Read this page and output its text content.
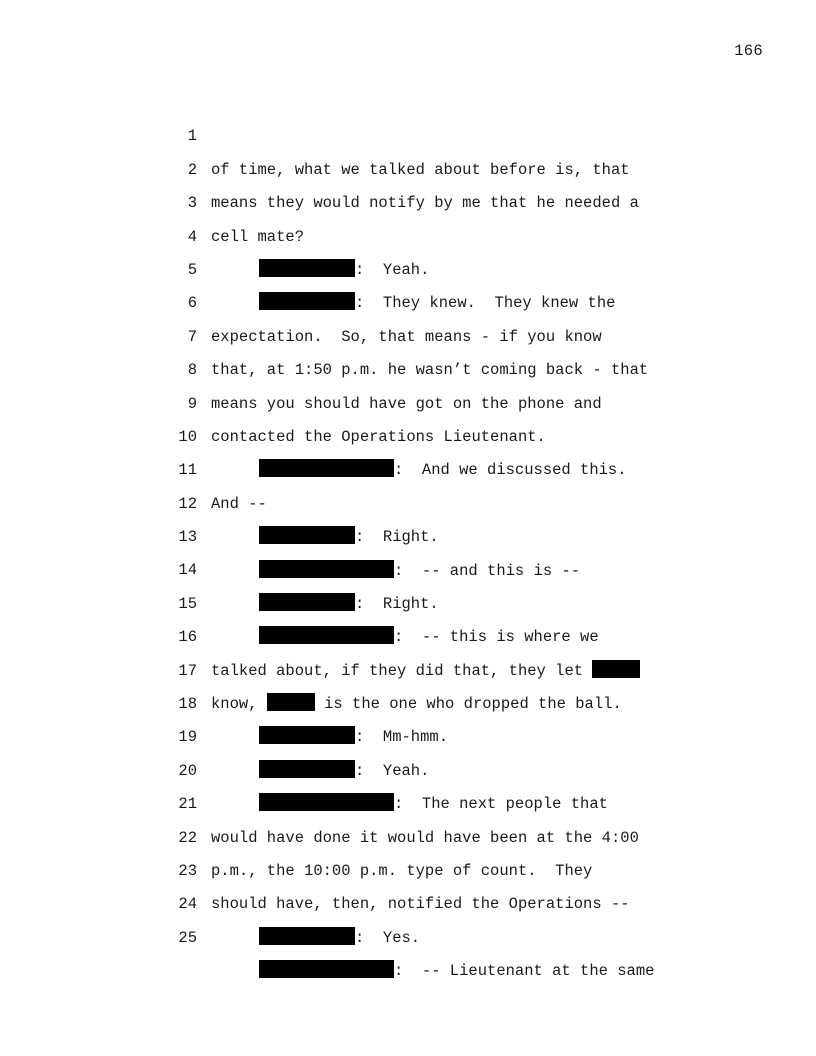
166

1

of time, what we talked about before is, that

2

means they would notify by me that he needed a

3

cell mate?

4

:  Yeah.

5

:  They knew.  They knew the

6

expectation.  So, that means - if you know

7

that, at 1:50 p.m. he wasn’t coming back - that

8

means you should have got on the phone and

9

contacted the Operations Lieutenant.

10

:  And we discussed this.

11

And --

12

:  Right.

13

:  -- and this is --

14

:  Right.

15

:  -- this is where we

16

talked about, if they did that, they let

17

know,	is the one who dropped the ball.

18

:  Mm-hmm.

19

:  Yeah.

20

:  The next people that

21

would have done it would have been at the 4:00

22

p.m., the 10:00 p.m. type of count.  They

23

should have, then, notified the Operations --

24

:  Yes.

25

:  -- Lieutenant at the same
